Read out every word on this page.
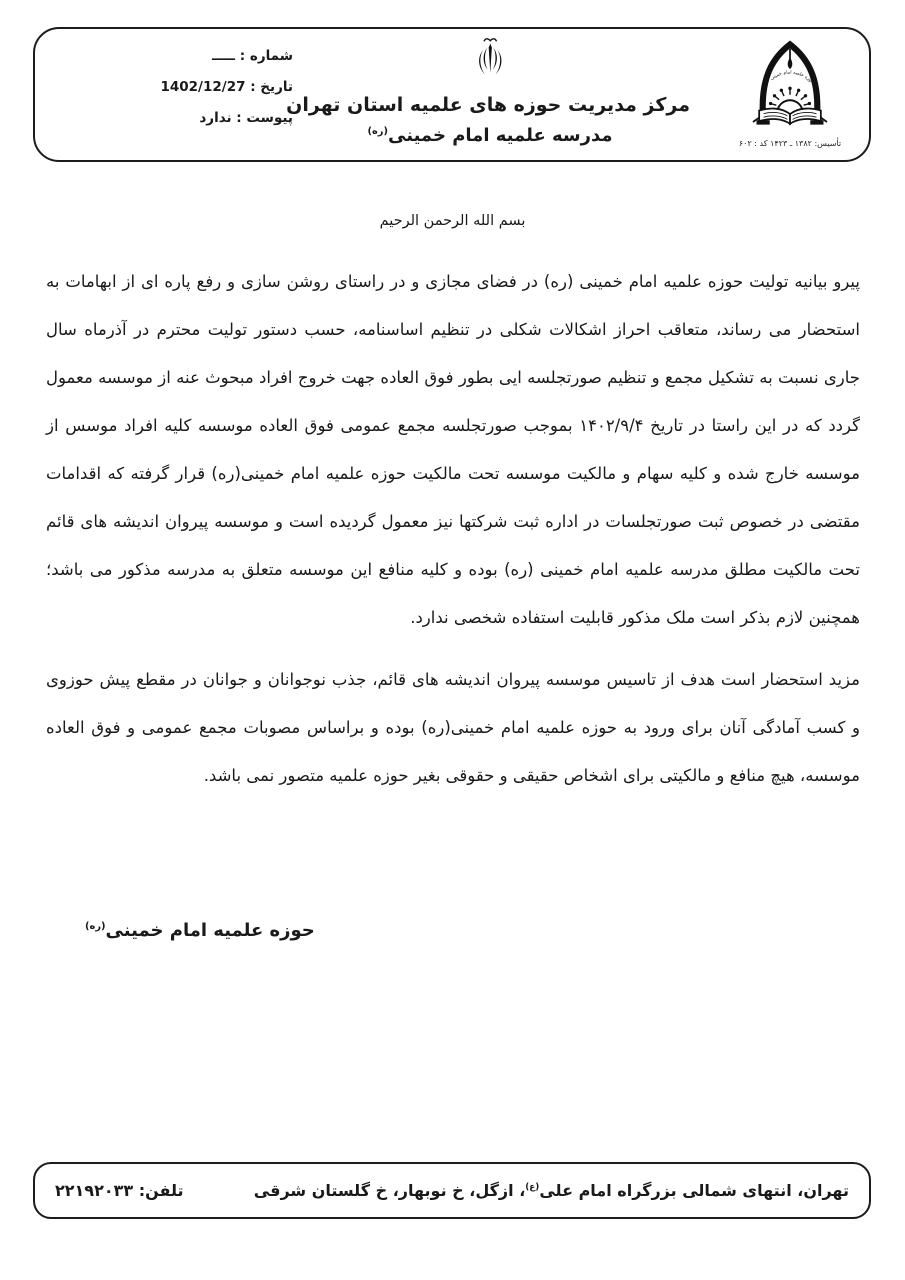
شماره : ـــــ
تاریخ : 1402/12/27
پیوست : ندارد
مرکز مدیریت حوزه های علمیه استان تهران
مدرسه علمیه امام خمینی$^{(ره)}$
حوزه علمیه امام خمینی
تأسیس: ۱۳۸۲ ـ ۱۴۲۳ کد : ۶۰۲
بسم الله الرحمن الرحیم

پیرو بیانیه تولیت حوزه علمیه امام خمینی (ره) در فضای مجازی و در راستای روشن سازی و رفع پاره ای از ابهامات به استحضار می رساند، متعاقب احراز اشکالات شکلی در تنظیم اساسنامه، حسب دستور تولیت محترم در آذرماه سال جاری نسبت به تشکیل مجمع و تنظیم صورتجلسه ایی بطور فوق العاده جهت خروج افراد مبحوث عنه از موسسه معمول گردد که در این راستا در تاریخ ۱۴۰۲/۹/۴ بموجب صورتجلسه مجمع عمومی فوق العاده موسسه کلیه افراد موسس از موسسه خارج شده و کلیه سهام و مالکیت موسسه تحت مالکیت حوزه علمیه امام خمینی(ره) قرار گرفته که اقدامات مقتضی در خصوص ثبت صورتجلسات در اداره ثبت شرکتها نیز معمول گردیده است و موسسه پیروان اندیشه های قائم تحت مالکیت مطلق مدرسه علمیه امام خمینی (ره) بوده و کلیه منافع این موسسه متعلق به مدرسه مذکور می باشد؛ همچنین لازم بذکر است ملک مذکور قابلیت استفاده شخصی ندارد.

مزید استحضار است هدف از تاسیس موسسه پیروان اندیشه های قائم، جذب نوجوانان و جوانان در مقطع پیش حوزوی و کسب آمادگی آنان برای ورود به حوزه علمیه امام خمینی(ره) بوده و براساس مصوبات مجمع عمومی و فوق العاده موسسه، هیچ منافع و مالکیتی برای اشخاص حقیقی و حقوقی بغیر حوزه علمیه متصور نمی باشد.

حوزه علمیه امام خمینی$^{(ره)}$
تهران، انتهای شمالی بزرگراه امام علی$^{(ع)}$، ازگل، خ نوبهار، خ گلستان شرقی
تلفن: ۲۲۱۹۲۰۳۳
